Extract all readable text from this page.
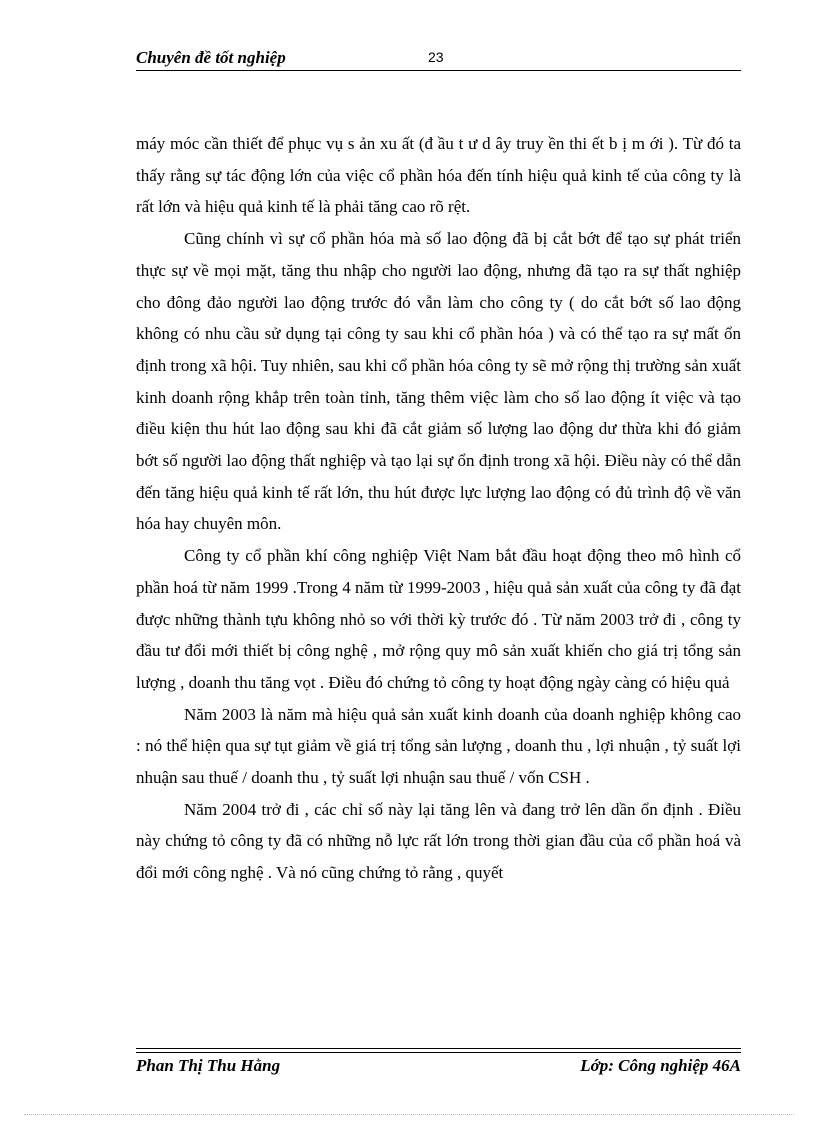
Chuyên đề tốt nghiệp	23

máy móc cần thiết để phục vụ s ản xu ất (đ ầu t ư d ây truy ền thi ết b ị m ới ). Từ đó ta thấy rằng sự tác động lớn của việc cổ phần hóa đến tính hiệu quả kinh tế của công ty là rất lớn và hiệu quả kinh tế là phải tăng cao rõ rệt.

Cũng chính vì sự cổ phần hóa mà số lao động đã bị cắt bớt để tạo sự phát triển thực sự về mọi mặt, tăng thu nhập cho người lao động, nhưng đã tạo ra sự thất nghiệp cho đông đảo người lao động trước đó vẫn làm cho công ty ( do cắt bớt số lao động không có nhu cầu sử dụng tại công ty sau khi cổ phần hóa ) và có thể tạo ra sự mất ổn định trong xã hội. Tuy nhiên, sau khi cổ phần hóa công ty sẽ mở rộng thị trường sản xuất kinh doanh rộng khắp trên toàn tỉnh, tăng thêm việc làm cho số lao động ít việc và tạo điều kiện thu hút lao động sau khi đã cắt giảm số lượng lao động dư thừa khi đó giảm bớt số người lao động thất nghiệp và tạo lại sự ổn định trong xã hội. Điều này có thể dẫn đến tăng hiệu quả kinh tế rất lớn, thu hút được lực lượng lao động có đủ trình độ về văn hóa hay chuyên môn.

Công ty cổ phần khí công nghiệp Việt Nam bắt đầu hoạt động theo mô hình cổ phần hoá từ năm 1999 .Trong 4 năm từ 1999-2003 , hiệu quả sản xuất của công ty đã đạt được những thành tựu không nhỏ so với thời kỳ trước đó . Từ năm 2003 trở đi , công ty đầu tư đổi mới thiết bị công nghệ , mở rộng quy mô sản xuất khiến cho giá trị tổng sản lượng , doanh thu tăng vọt . Điều đó chứng tỏ công ty hoạt động ngày càng có hiệu quả

Năm 2003 là năm mà hiệu quả sản xuất kinh doanh của doanh nghiệp không cao : nó thể hiện qua sự tụt giảm về giá trị tổng sản lượng , doanh thu , lợi nhuận , tỷ suất lợi nhuận sau thuế / doanh thu , tỷ suất lợi nhuận sau thuế / vốn CSH .

Năm 2004 trở đi , các chỉ số này lại tăng lên và đang trở lên dần ổn định . Điều này chứng tỏ công ty đã có những nỗ lực rất lớn trong thời gian đầu của cổ phần hoá và đổi mới công nghệ . Và nó cũng chứng tỏ rằng , quyết

Phan Thị Thu Hằng	Lớp: Công nghiệp 46A
